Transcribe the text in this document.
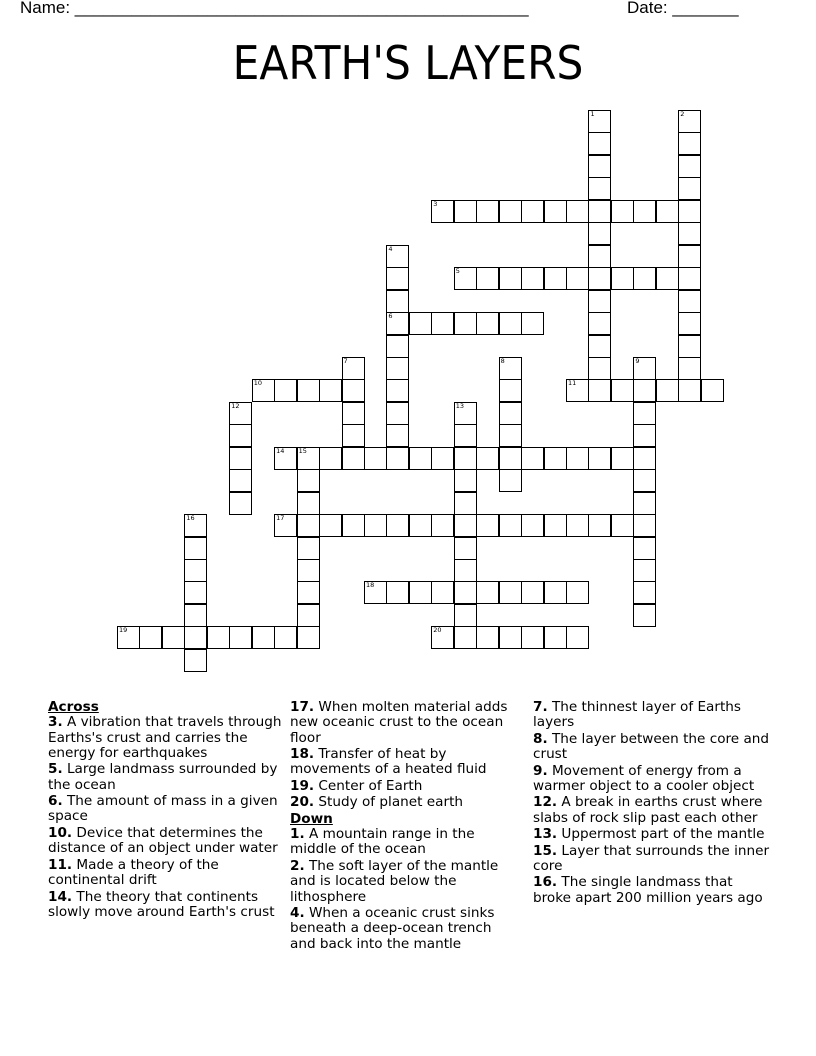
Name: ________________________________________________	Date: _______
EARTH'S LAYERS
1	2
3
4
6
5
7	8	9
10	11
12	13
14 15
16	17
18
19	20
Across
3. A vibration that travels through Earths's crust and carries the energy for earthquakes
5. Large landmass surrounded by the ocean
6. The amount of mass in a given space
10. Device that determines the distance of an object under water
11. Made a theory of the continental drift
14. The theory that continents slowly move around Earth's crust
17. When molten material adds new oceanic crust to the ocean floor
18. Transfer of heat by movements of a heated fluid
19. Center of Earth
20. Study of planet earth
Down
1. A mountain range in the middle of the ocean
2. The soft layer of the mantle and is located below the lithosphere
4. When a oceanic crust sinks beneath a deep-ocean trench and back into the mantle
7. The thinnest layer of Earths layers
8. The layer between the core and crust
9. Movement of energy from a warmer object to a cooler object
12. A break in earths crust where slabs of rock slip past each other
13. Uppermost part of the mantle
15. Layer that surrounds the inner core
16. The single landmass that broke apart 200 million years ago
